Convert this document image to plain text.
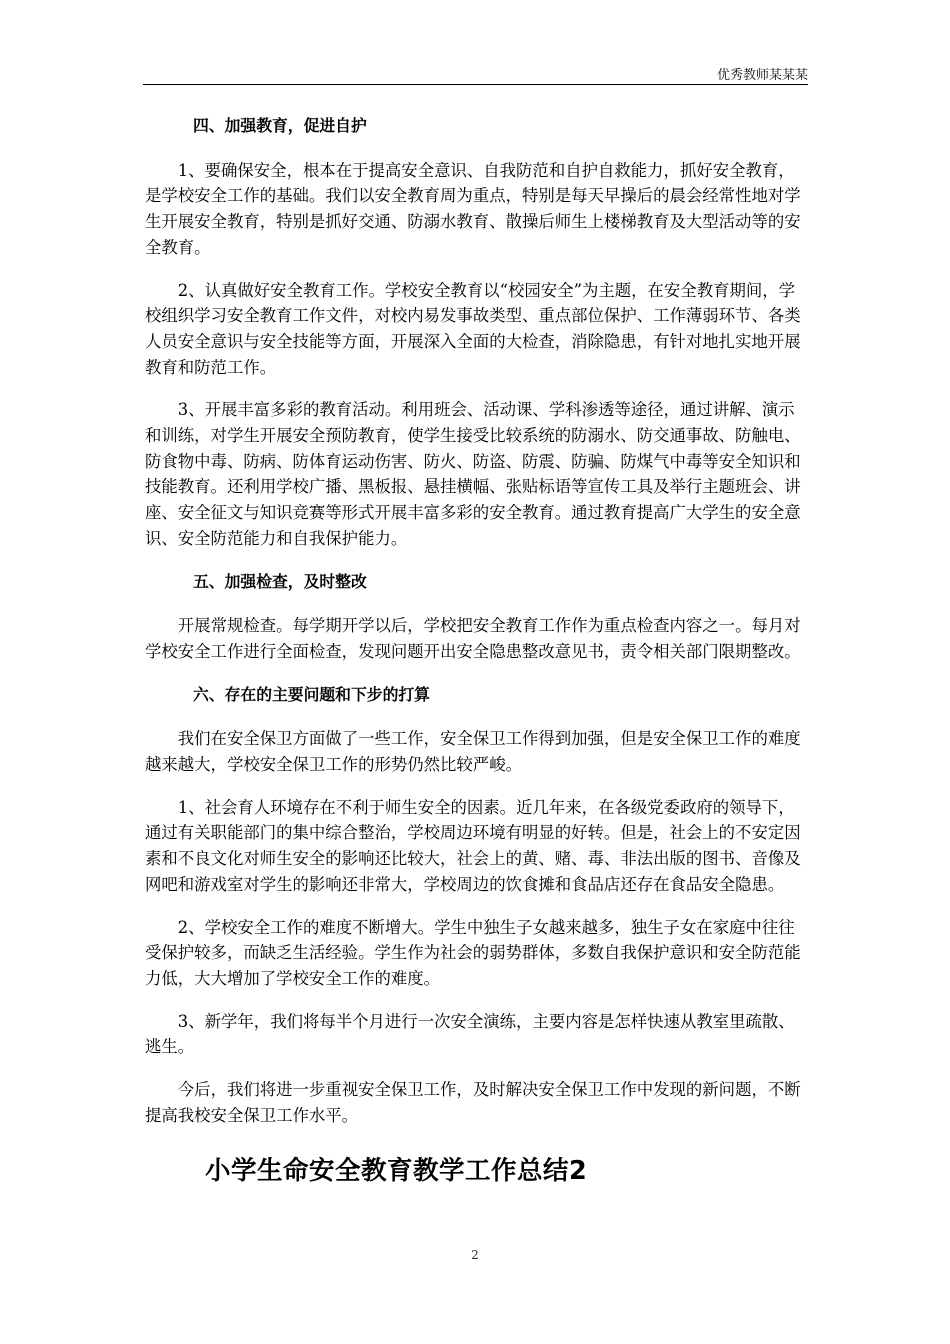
优秀教师某某某

四、加强教育，促进自护

1、要确保安全，根本在于提高安全意识、自我防范和自护自救能力，抓好安全教育，是学校安全工作的基础。我们以安全教育周为重点，特别是每天早操后的晨会经常性地对学生开展安全教育，特别是抓好交通、防溺水教育、散操后师生上楼梯教育及大型活动等的安全教育。

2、认真做好安全教育工作。学校安全教育以“校园安全”为主题，在安全教育期间，学校组织学习安全教育工作文件，对校内易发事故类型、重点部位保护、工作薄弱环节、各类人员安全意识与安全技能等方面，开展深入全面的大检查，消除隐患，有针对地扎实地开展教育和防范工作。

3、开展丰富多彩的教育活动。利用班会、活动课、学科渗透等途径，通过讲解、演示和训练，对学生开展安全预防教育，使学生接受比较系统的防溺水、防交通事故、防触电、防食物中毒、防病、防体育运动伤害、防火、防盗、防震、防骗、防煤气中毒等安全知识和技能教育。还利用学校广播、黑板报、悬挂横幅、张贴标语等宣传工具及举行主题班会、讲座、安全征文与知识竞赛等形式开展丰富多彩的安全教育。通过教育提高广大学生的安全意识、安全防范能力和自我保护能力。

五、加强检查，及时整改

开展常规检查。每学期开学以后，学校把安全教育工作作为重点检查内容之一。每月对学校安全工作进行全面检查，发现问题开出安全隐患整改意见书，责令相关部门限期整改。

六、存在的主要问题和下步的打算

我们在安全保卫方面做了一些工作，安全保卫工作得到加强，但是安全保卫工作的难度越来越大，学校安全保卫工作的形势仍然比较严峻。

1、社会育人环境存在不利于师生安全的因素。近几年来，在各级党委政府的领导下，通过有关职能部门的集中综合整治，学校周边环境有明显的好转。但是，社会上的不安定因素和不良文化对师生安全的影响还比较大，社会上的黄、赌、毒、非法出版的图书、音像及网吧和游戏室对学生的影响还非常大，学校周边的饮食摊和食品店还存在食品安全隐患。

2、学校安全工作的难度不断增大。学生中独生子女越来越多，独生子女在家庭中往往受保护较多，而缺乏生活经验。学生作为社会的弱势群体，多数自我保护意识和安全防范能力低，大大增加了学校安全工作的难度。

3、新学年，我们将每半个月进行一次安全演练，主要内容是怎样快速从教室里疏散、逃生。

今后，我们将进一步重视安全保卫工作，及时解决安全保卫工作中发现的新问题，不断提高我校安全保卫工作水平。

小学生命安全教育教学工作总结2
2
